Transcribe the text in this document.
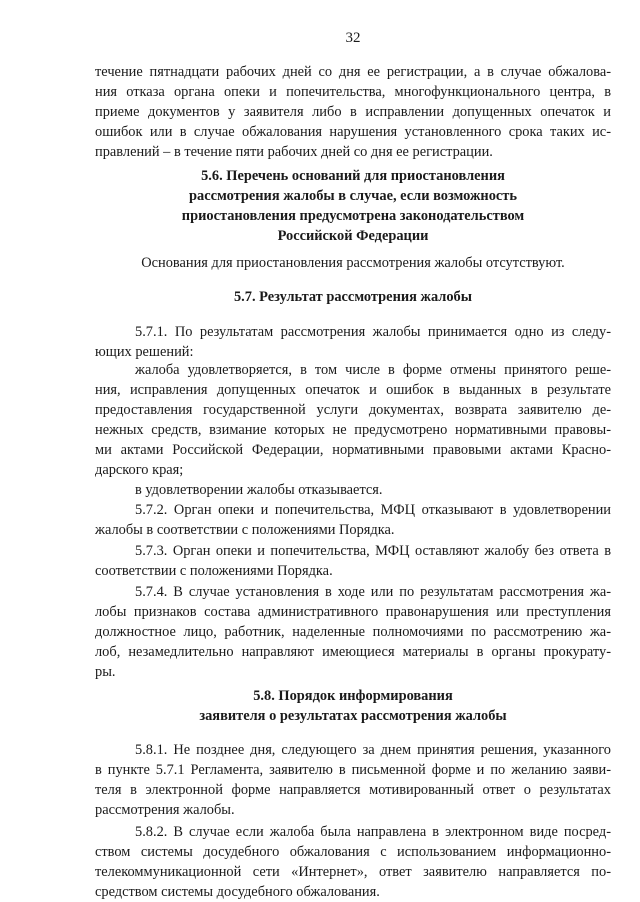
32
течение пятнадцати рабочих дней со дня ее регистрации, а в случае обжалова-
ния отказа органа опеки и попечительства, многофункционального центра, в
приеме документов у заявителя либо в исправлении допущенных опечаток и
ошибок или в случае обжалования нарушения установленного срока таких ис-
правлений – в течение пяти рабочих дней со дня ее регистрации.
5.6. Перечень оснований для приостановления
рассмотрения жалобы в случае, если возможность
приостановления предусмотрена законодательством
Российской Федерации
Основания для приостановления рассмотрения жалобы отсутствуют.
5.7. Результат рассмотрения жалобы
5.7.1. По результатам рассмотрения жалобы принимается одно из следу-
ющих решений:
жалоба удовлетворяется, в том числе в форме отмены принятого реше-
ния, исправления допущенных опечаток и ошибок в выданных в результате
предоставления государственной услуги документах, возврата заявителю де-
нежных средств, взимание которых не предусмотрено нормативными правовы-
ми актами Российской Федерации, нормативными правовыми актами Красно-
дарского края;
в удовлетворении жалобы отказывается.
5.7.2. Орган опеки и попечительства, МФЦ отказывают в удовлетворении
жалобы в соответствии с положениями Порядка.
5.7.3. Орган опеки и попечительства, МФЦ оставляют жалобу без ответа в
соответствии с положениями Порядка.
5.7.4. В случае установления в ходе или по результатам рассмотрения жа-
лобы признаков состава административного правонарушения или преступления
должностное лицо, работник, наделенные полномочиями по рассмотрению жа-
лоб, незамедлительно направляют имеющиеся материалы в органы прокурату-
ры.
5.8. Порядок информирования
заявителя о результатах рассмотрения жалобы
5.8.1. Не позднее дня, следующего за днем принятия решения, указанного
в пункте 5.7.1 Регламента, заявителю в письменной форме и по желанию заяви-
теля в электронной форме направляется мотивированный ответ о результатах
рассмотрения жалобы.
5.8.2. В случае если жалоба была направлена в электронном виде посред-
ством системы досудебного обжалования с использованием информационно-
телекоммуникационной сети «Интернет», ответ заявителю направляется по-
средством системы досудебного обжалования.
